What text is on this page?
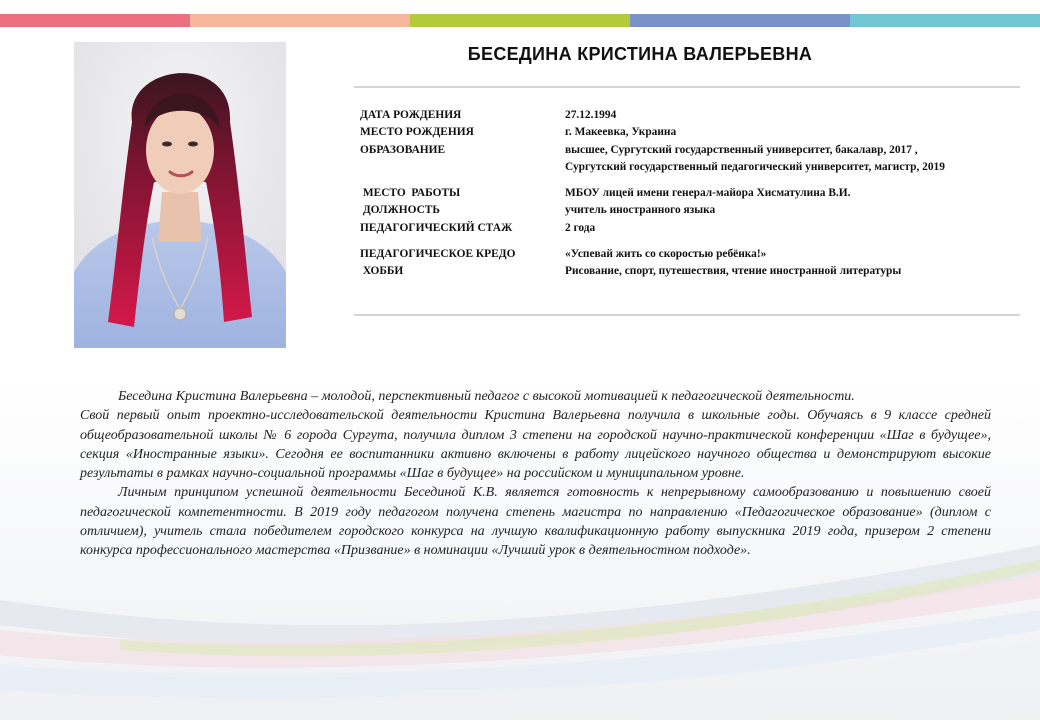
БЕСЕДИНА КРИСТИНА ВАЛЕРЬЕВНА
ДАТА РОЖДЕНИЯ	27.12.1994
МЕСТО РОЖДЕНИЯ	г. Макеевка, Украина
ОБРАЗОВАНИЕ	высшее, Сургутский государственный университет, бакалавр, 2017 ,
Сургутский государственный педагогический университет, магистр, 2019
МЕСТО  РАБОТЫ	МБОУ лицей имени генерал-майора Хисматулина В.И.
ДОЛЖНОСТЬ	учитель иностранного языка
ПЕДАГОГИЧЕСКИЙ СТАЖ	2 года
ПЕДАГОГИЧЕСКОЕ КРЕДО	«Успевай жить со скоростью ребёнка!»
ХОББИ	Рисование, спорт, путешествия, чтение иностранной литературы

Беседина Кристина Валерьевна – молодой, перспективный педагог с высокой мотивацией к педагогической деятельности.

Свой первый опыт проектно-исследовательской деятельности Кристина Валерьевна получила в школьные годы. Обучаясь в 9 классе средней общеобразовательной школы № 6 города Сургута, получила диплом 3 степени на городской научно-практической конференции «Шаг в будущее», секция «Иностранные языки». Сегодня ее воспитанники активно включены в работу лицейского научного общества и демонстрируют высокие результаты в рамках научно-социальной программы «Шаг в будущее» на российском и муниципальном уровне.

Личным принципом успешной деятельности Бесединой К.В. является готовность к непрерывному самообразованию и повышению своей педагогической компетентности. В 2019 году педагогом получена степень магистра по направлению «Педагогическое образование» (диплом с отличием), учитель стала победителем городского конкурса на лучшую квалификационную работу выпускника 2019 года, призером 2 степени конкурса профессионального мастерства «Призвание» в номинации «Лучший урок в деятельностном подходе».
